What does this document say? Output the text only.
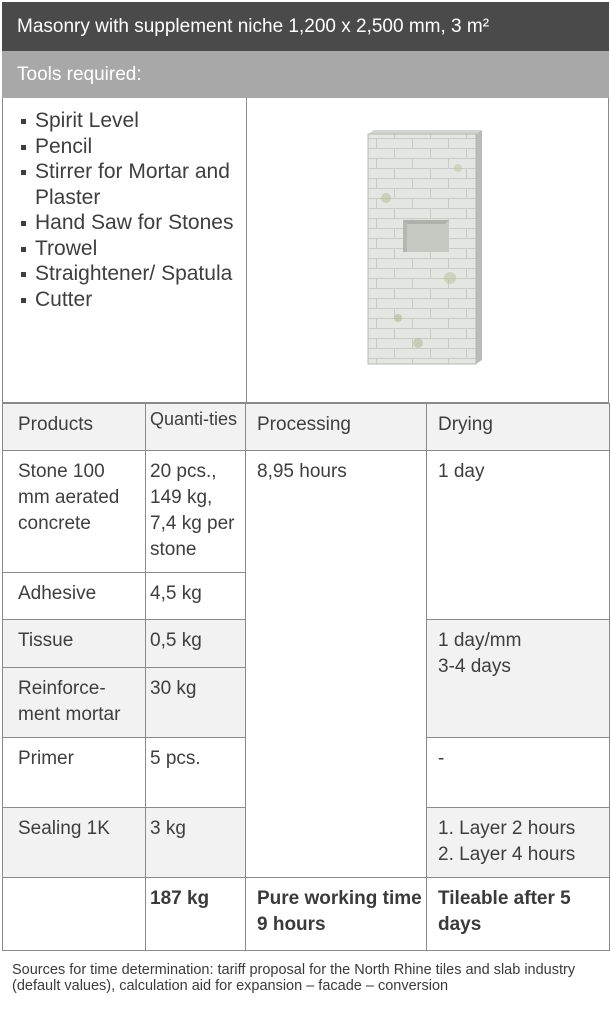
Masonry with supplement niche 1,200 x 2,500 mm, 3 m²
Tools required:
Spirit Level
Pencil
Stirrer for Mortar and Plaster
Hand Saw for Stones
Trowel
Straightener/ Spatula
Cutter
Products	Quanti-ties	Processing	Drying
Stone 100 mm aerated concrete	20 pcs., 149 kg, 7,4 kg per stone	8,95 hours	1 day
Adhesive	4,5 kg		
Tissue	0,5 kg		1 day/mm
3-4 days

Reinforce-ment mortar	30 kg		
Primer	5 pcs.		-
Sealing 1K	3 kg		1. Layer 2 hours
2. Layer 4 hours

	187 kg	Pure working time 9 hours	Tileable after 5 days
Sources for time determination: tariff proposal for the North Rhine tiles and slab industry (default values), calculation aid for expansion – facade – conversion
